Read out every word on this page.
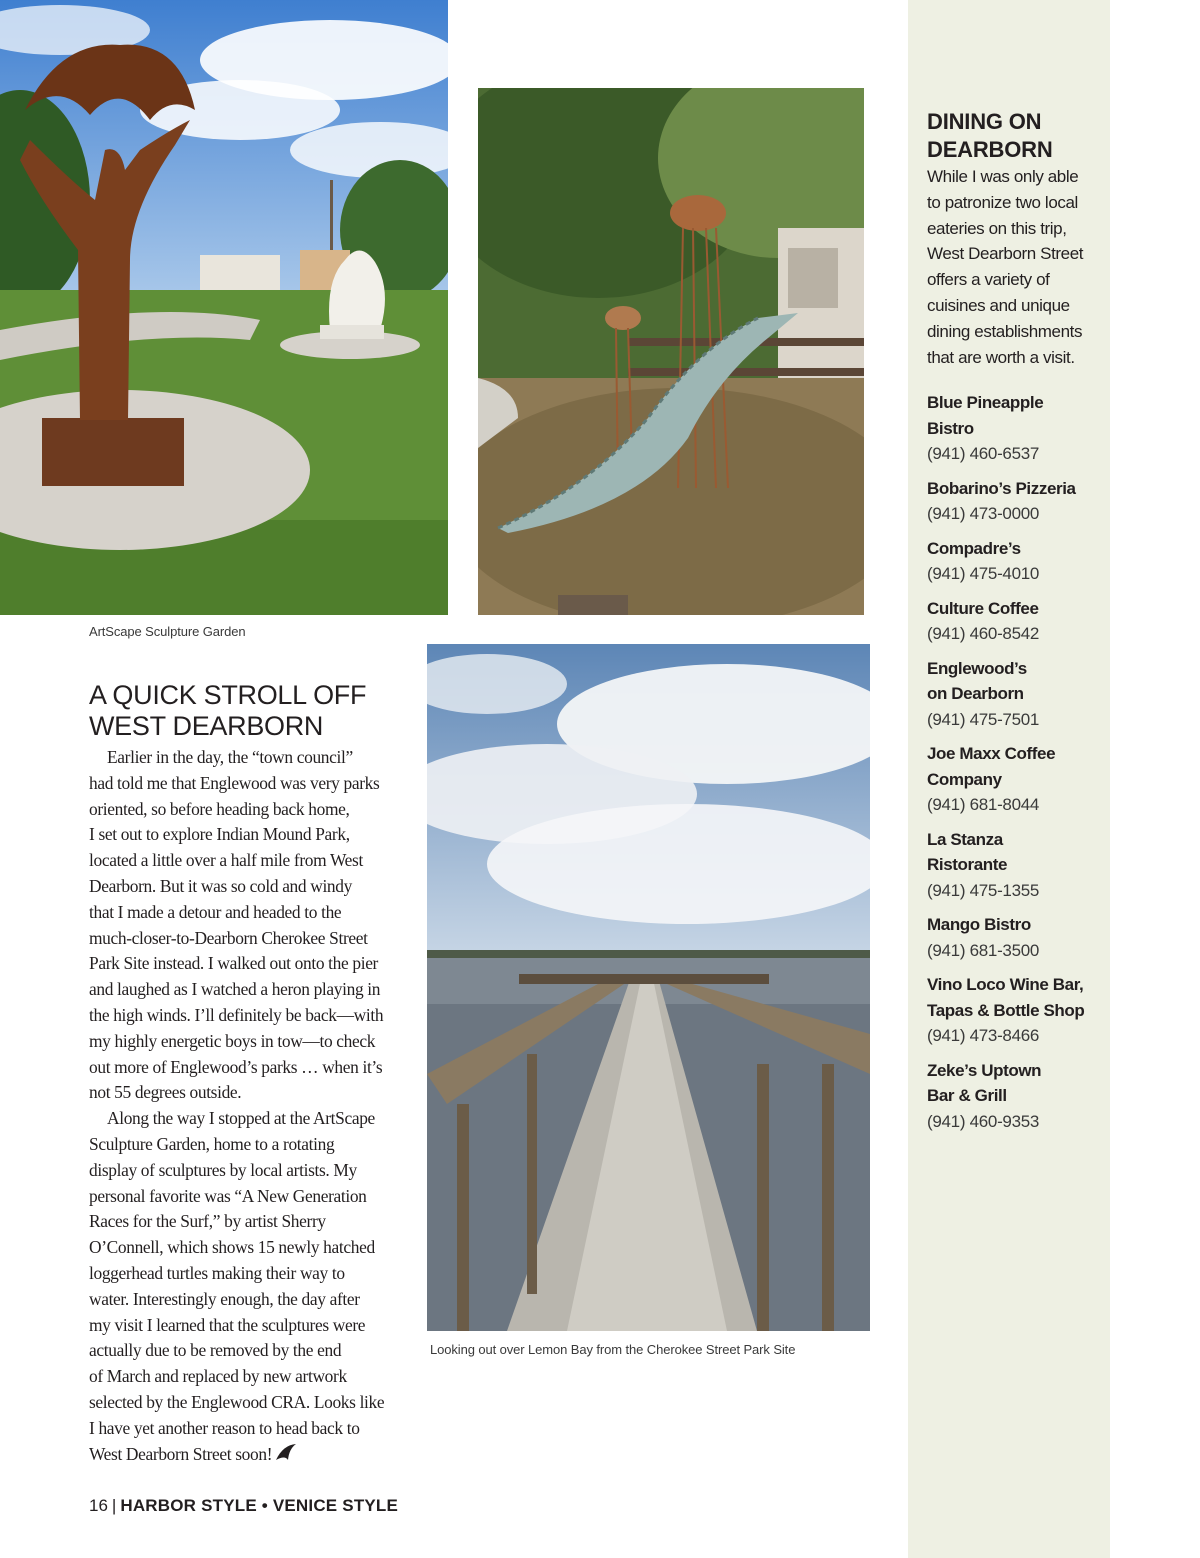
ArtScape Sculpture Garden
Looking out over Lemon Bay from the Cherokee Street Park Site
A QUICK STROLL OFF
WEST DEARBORN
Earlier in the day, the “town council”
had told me that Englewood was very parks
oriented, so before heading back home,
I set out to explore Indian Mound Park,
located a little over a half mile from West
Dearborn. But it was so cold and windy
that I made a detour and headed to the
much-closer-to-Dearborn Cherokee Street
Park Site instead. I walked out onto the pier
and laughed as I watched a heron playing in
the high winds. I’ll definitely be back—with
my highly energetic boys in tow—to check
out more of Englewood’s parks … when it’s
not 55 degrees outside.
Along the way I stopped at the ArtScape
Sculpture Garden, home to a rotating
display of sculptures by local artists. My
personal favorite was “A New Generation
Races for the Surf,” by artist Sherry
O’Connell, which shows 15 newly hatched
loggerhead turtles making their way to
water. Interestingly enough, the day after
my visit I learned that the sculptures were
actually due to be removed by the end
of March and replaced by new artwork
selected by the Englewood CRA. Looks like
I have yet another reason to head back to
West Dearborn Street soon!
16 | HARBOR STYLE • VENICE STYLE
DINING ON
DEARBORN

While I was only able
to patronize two local
eateries on this trip,
West Dearborn Street
offers a variety of
cuisines and unique
dining establishments
that are worth a visit.

Blue Pineapple
Bistro
(941) 460-6537
Bobarino’s Pizzeria
(941) 473-0000
Compadre’s
(941) 475-4010
Culture Coffee
(941) 460-8542
Englewood’s
on Dearborn
(941) 475-7501
Joe Maxx Coffee
Company
(941) 681-8044
La Stanza
Ristorante
(941) 475-1355
Mango Bistro
(941) 681-3500
Vino Loco Wine Bar,
Tapas & Bottle Shop
(941) 473-8466
Zeke’s Uptown
Bar & Grill
(941) 460-9353
